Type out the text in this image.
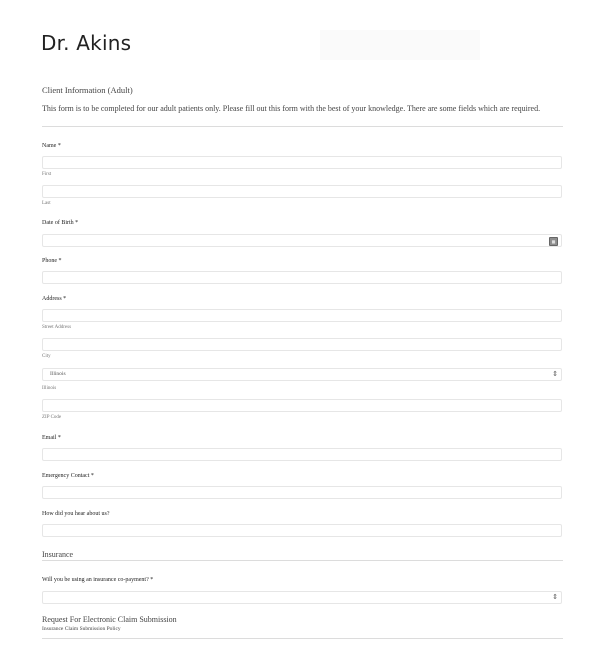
Dr. Akins
Client Information (Adult)
This form is to be completed for our adult patients only. Please fill out this form with the best of your knowledge. There are some fields which are required.
Name *
First
Last
Date of Birth *
▦
Phone *
Address *
Street Address
City
Illinois	⇕
Illinois
ZIP Code
Email *
Emergency Contact *
How did you hear about us?
Insurance
Will you be using an insurance co-payment? *
⇕
Request For Electronic Claim Submission
Insurance Claim Submission Policy
